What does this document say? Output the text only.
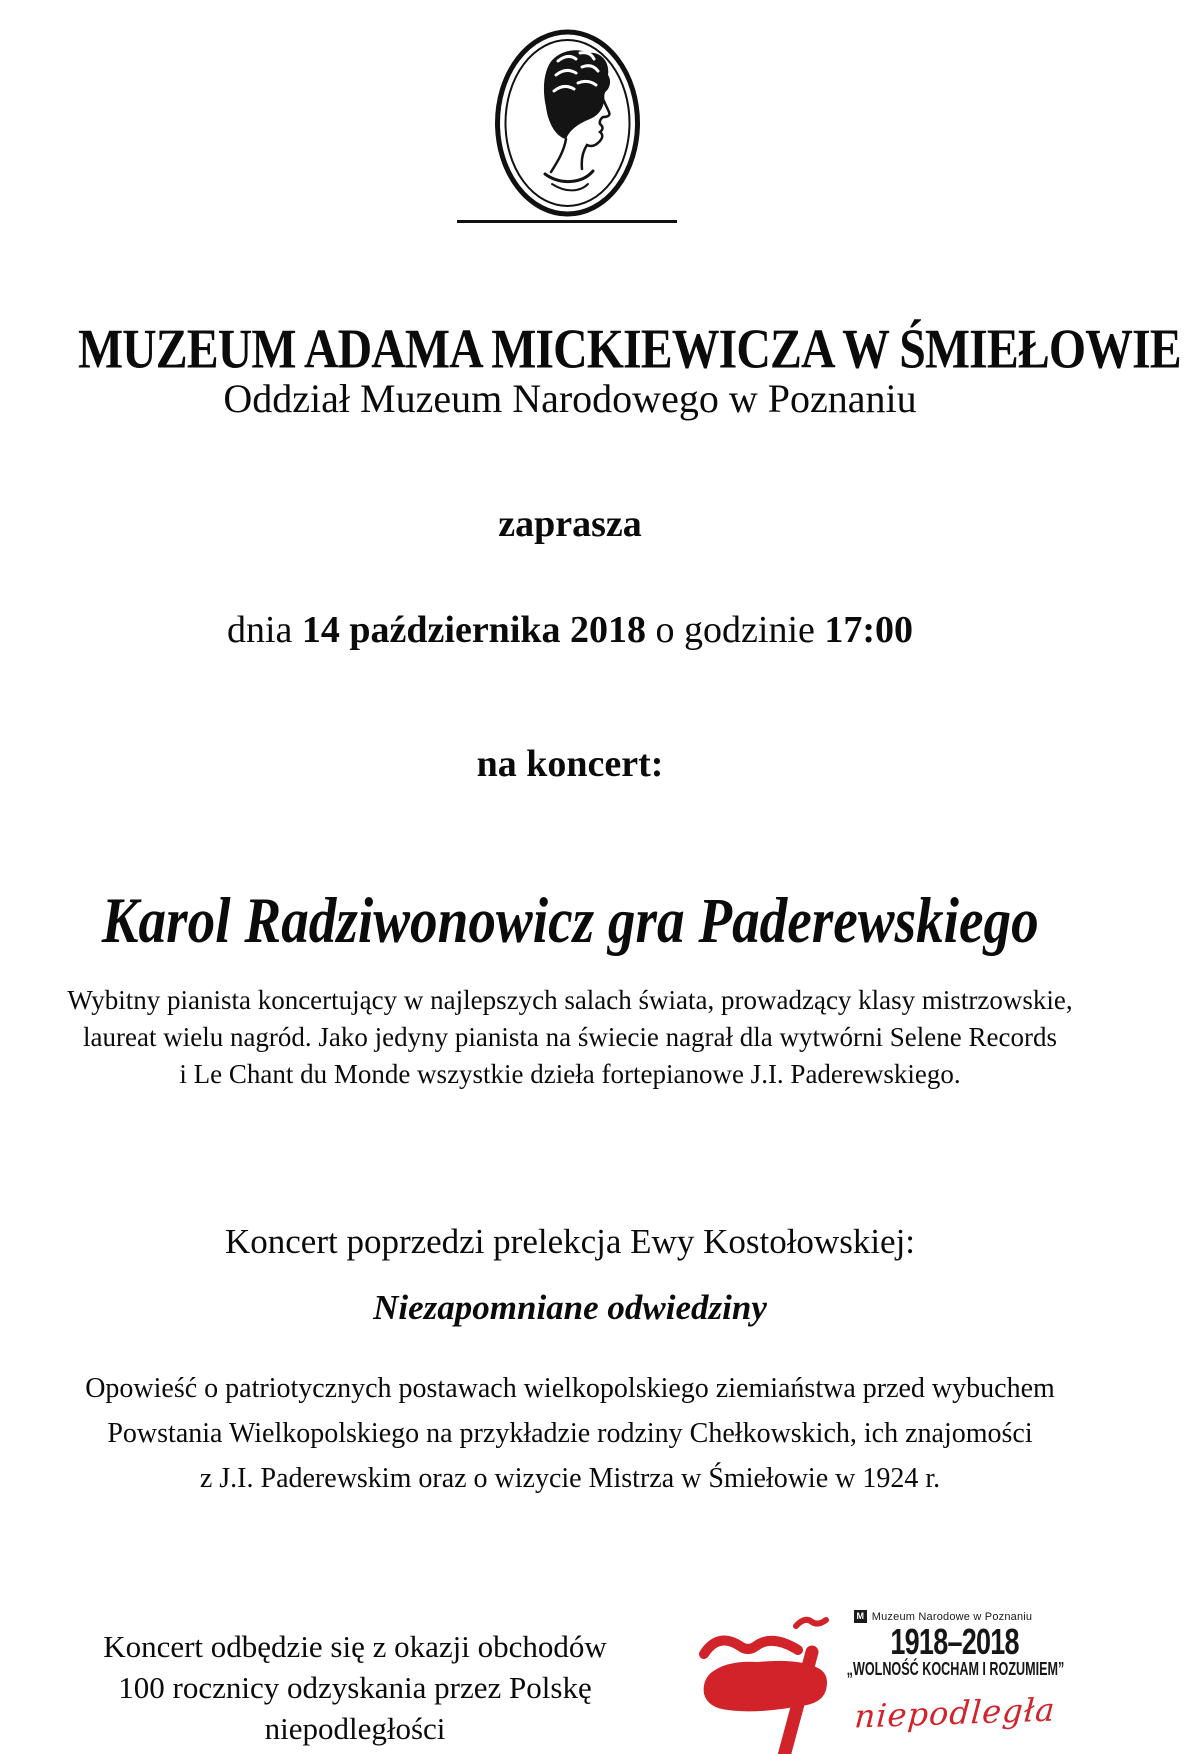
MUZEUM ADAMA MICKIEWICZA W ŚMIEŁOWIE
Oddział Muzeum Narodowego w Poznaniu
zaprasza
dnia 14 października 2018 o godzinie 17:00
na koncert:
Karol Radziwonowicz gra Paderewskiego
Wybitny pianista koncertujący w najlepszych salach świata, prowadzący klasy mistrzowskie,
laureat wielu nagród. Jako jedyny pianista na świecie nagrał dla wytwórni Selene Records
i Le Chant du Monde wszystkie dzieła fortepianowe J.I. Paderewskiego.
Koncert poprzedzi prelekcja Ewy Kostołowskiej:
Niezapomniane odwiedziny
Opowieść o patriotycznych postawach wielkopolskiego ziemiaństwa przed wybuchem
Powstania Wielkopolskiego na przykładzie rodziny Chełkowskich, ich znajomości
z J.I. Paderewskim oraz o wizycie Mistrza w Śmiełowie w 1924 r.
Koncert odbędzie się z okazji obchodów
100 rocznicy odzyskania przez Polskę
niepodległości
M Muzeum Narodowe w Poznaniu
1918–2018
„WOLNOŚĆ KOCHAM I ROZUMIEM”
niepodległa
